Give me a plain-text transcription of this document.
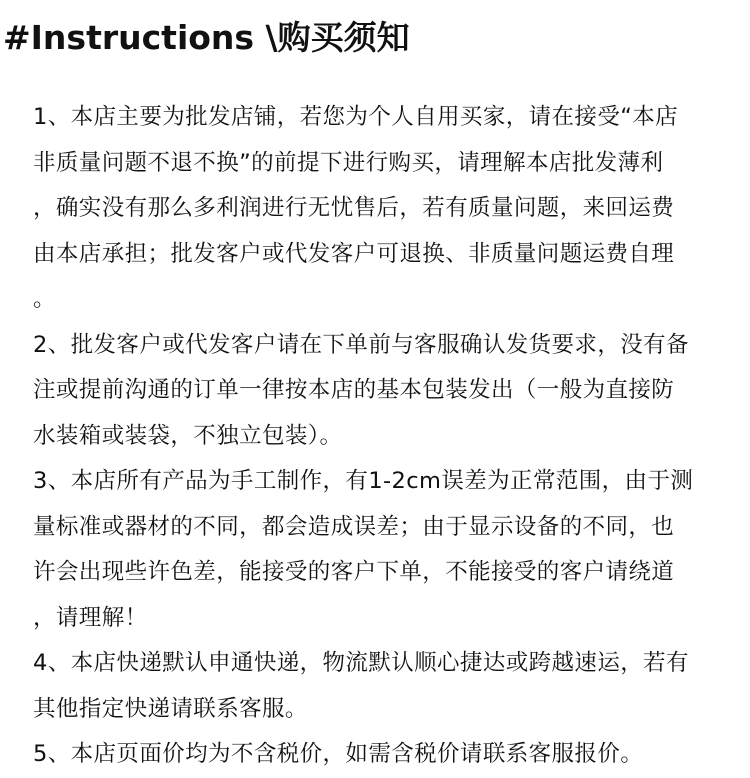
#Instructions \购买须知
1、本店主要为批发店铺，若您为个人自用买家，请在接受“本店
非质量问题不退不换”的前提下进行购买，请理解本店批发薄利
，确实没有那么多利润进行无忧售后，若有质量问题，来回运费
由本店承担；批发客户或代发客户可退换、非质量问题运费自理
。
2、批发客户或代发客户请在下单前与客服确认发货要求，没有备
注或提前沟通的订单一律按本店的基本包装发出（一般为直接防
水装箱或装袋，不独立包装）。
3、本店所有产品为手工制作，有1-2cm误差为正常范围，由于测
量标准或器材的不同，都会造成误差；由于显示设备的不同，也
许会出现些许色差，能接受的客户下单，不能接受的客户请绕道
，请理解！
4、本店快递默认申通快递，物流默认顺心捷达或跨越速运，若有
其他指定快递请联系客服。
5、本店页面价均为不含税价，如需含税价请联系客服报价。
